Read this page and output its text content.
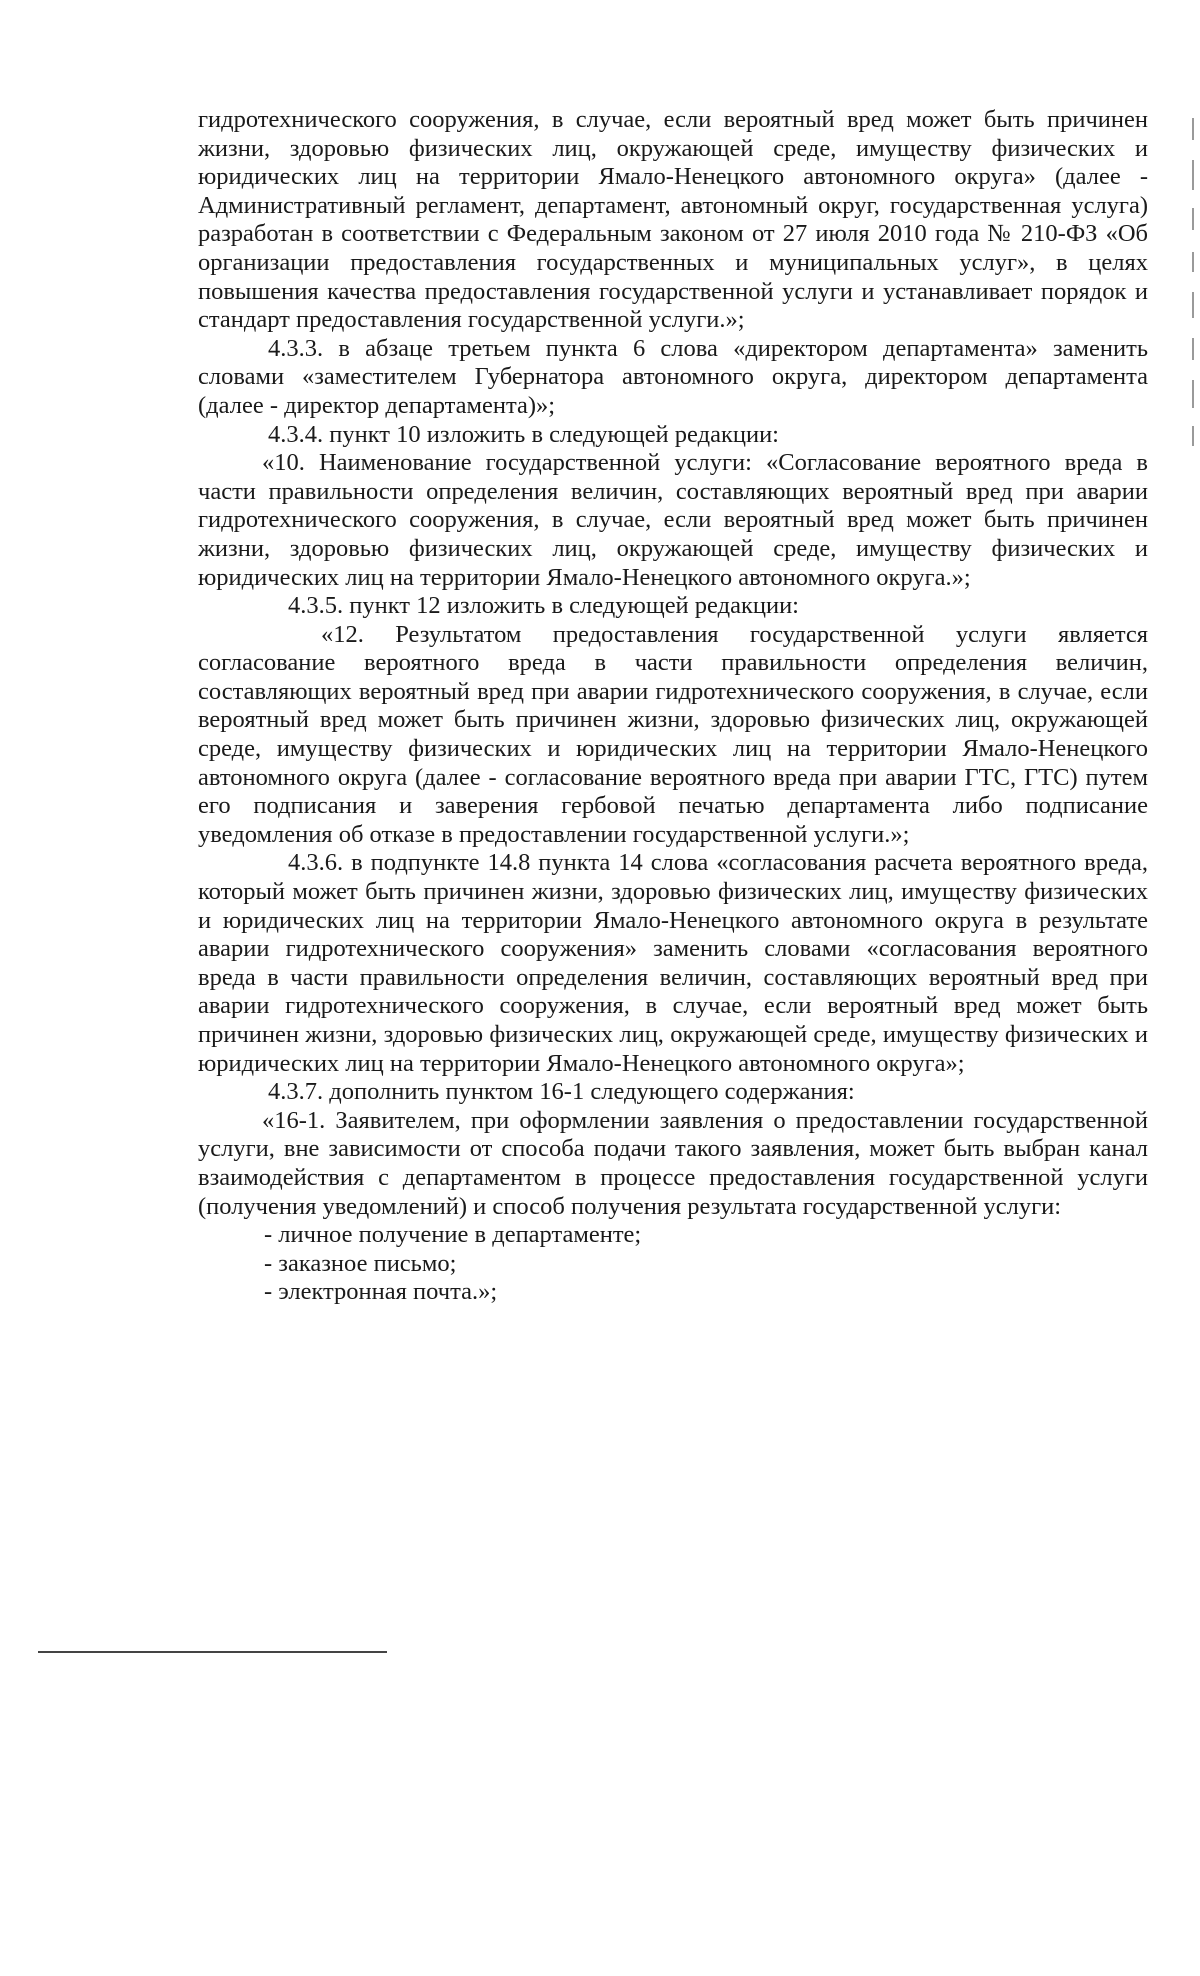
гидротехнического сооружения, в случае, если вероятный вред может быть причинен жизни, здоровью физических лиц, окружающей среде, имуществу физических и юридических лиц на территории Ямало-Ненецкого автономного округа» (далее - Административный регламент, департамент, автономный округ, государственная услуга) разработан в соответствии с Федеральным законом от 27 июля 2010 года № 210-ФЗ «Об организации предоставления государственных и муниципальных услуг», в целях повышения качества предоставления государственной услуги и устанавливает порядок и стандарт предоставления государственной услуги.»;

4.3.3. в абзаце третьем пункта 6 слова «директором департамента» заменить словами «заместителем Губернатора автономного округа, директором департамента (далее - директор департамента)»;

4.3.4. пункт 10 изложить в следующей редакции:

«10. Наименование государственной услуги: «Согласование вероятного вреда в части правильности определения величин, составляющих вероятный вред при аварии гидротехнического сооружения, в случае, если вероятный вред может быть причинен жизни, здоровью физических лиц, окружающей среде, имуществу физических и юридических лиц на территории Ямало-Ненецкого автономного округа.»;

4.3.5. пункт 12 изложить в следующей редакции:

«12. Результатом предоставления государственной услуги является согласование вероятного вреда в части правильности определения величин, составляющих вероятный вред при аварии гидротехнического сооружения, в случае, если вероятный вред может быть причинен жизни, здоровью физических лиц, окружающей среде, имуществу физических и юридических лиц на территории Ямало-Ненецкого автономного округа (далее - согласование вероятного вреда при аварии ГТС, ГТС) путем его подписания и заверения гербовой печатью департамента либо подписание уведомления об отказе в предоставлении государственной услуги.»;

4.3.6. в подпункте 14.8 пункта 14 слова «согласования расчета вероятного вреда, который может быть причинен жизни, здоровью физических лиц, имуществу физических и юридических лиц на территории Ямало-Ненецкого автономного округа в результате аварии гидротехнического сооружения» заменить словами «согласования вероятного вреда в части правильности определения величин, составляющих вероятный вред при аварии гидротехнического сооружения, в случае, если вероятный вред может быть причинен жизни, здоровью физических лиц, окружающей среде, имуществу физических и юридических лиц на территории Ямало-Ненецкого автономного округа»;

4.3.7. дополнить пунктом 16-1 следующего содержания:

«16-1. Заявителем, при оформлении заявления о предоставлении государственной услуги, вне зависимости от способа подачи такого заявления, может быть выбран канал взаимодействия с департаментом в процессе предоставления государственной услуги (получения уведомлений) и способ получения результата государственной услуги:

- личное получение в департаменте;

- заказное письмо;

- электронная почта.»;
